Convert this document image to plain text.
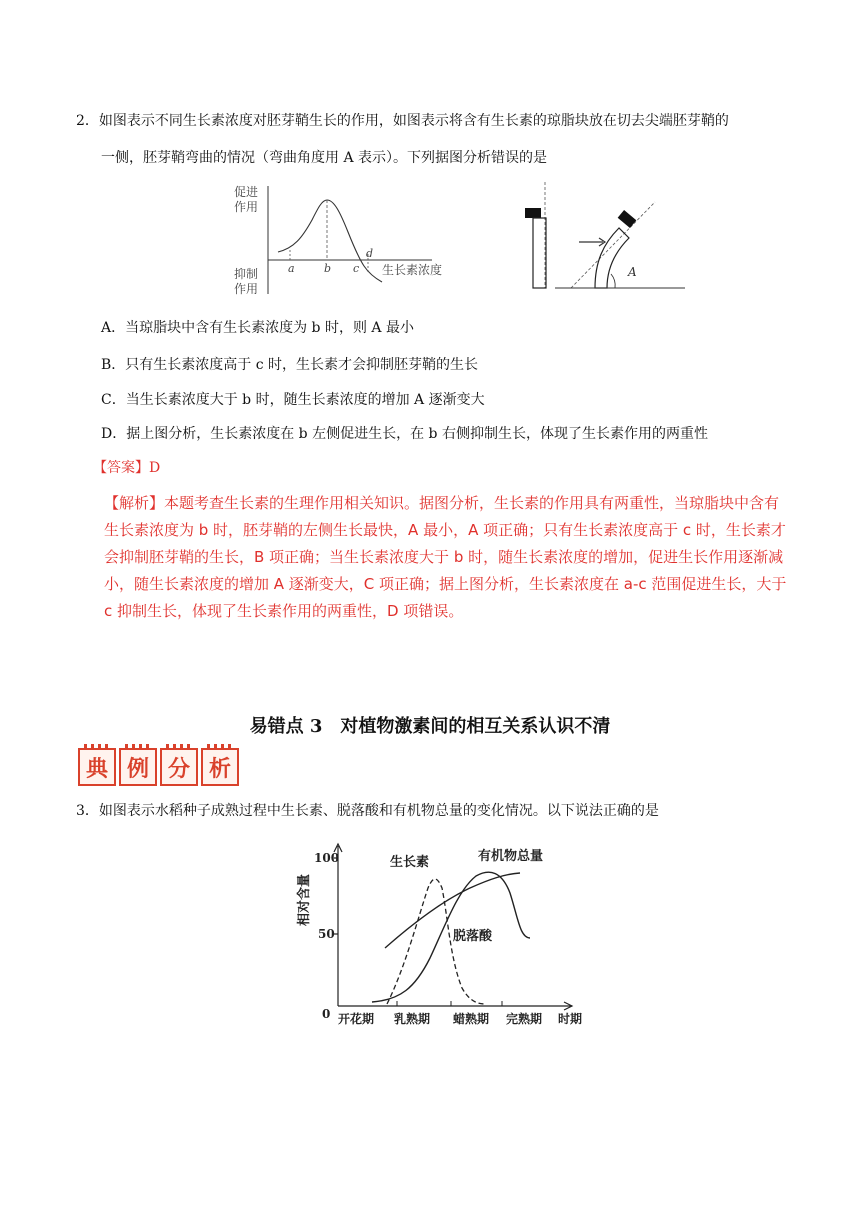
2．如图表示不同生长素浓度对胚芽鞘生长的作用，如图表示将含有生长素的琼脂块放在切去尖端胚芽鞘的
一侧，胚芽鞘弯曲的情况（弯曲角度用 A 表示）。下列据图分析错误的是
促进
作用
抑制
作用
a	b c
d
生长素浓度	A
A．当琼脂块中含有生长素浓度为 b 时，则 A 最小
B．只有生长素浓度高于 c 时，生长素才会抑制胚芽鞘的生长
C．当生长素浓度大于 b 时，随生长素浓度的增加 A 逐渐变大
D．据上图分析，生长素浓度在 b 左侧促进生长，在 b 右侧抑制生长，体现了生长素作用的两重性
【答案】D
【解析】本题考查生长素的生理作用相关知识。据图分析，生长素的作用具有两重性，当琼脂块中含有
生长素浓度为 b 时，胚芽鞘的左侧生长最快，A 最小，A 项正确；只有生长素浓度高于 c 时，生长素才
会抑制胚芽鞘的生长，B 项正确；当生长素浓度大于 b 时，随生长素浓度的增加，促进生长作用逐渐减
小，随生长素浓度的增加 A 逐渐变大，C 项正确；据上图分析，生长素浓度在 a-c 范围促进生长，大于
c 抑制生长，体现了生长素作用的两重性，D 项错误。
易错点 3　对植物激素间的相互关系认识不清
典 例 分 析
3．如图表示水稻种子成熟过程中生长素、脱落酸和有机物总量的变化情况。以下说法正确的是
相对含量
100
50
0
生长素	有机物总量
脱落酸
开花期 乳熟期 蜡熟期 完熟期 时期
